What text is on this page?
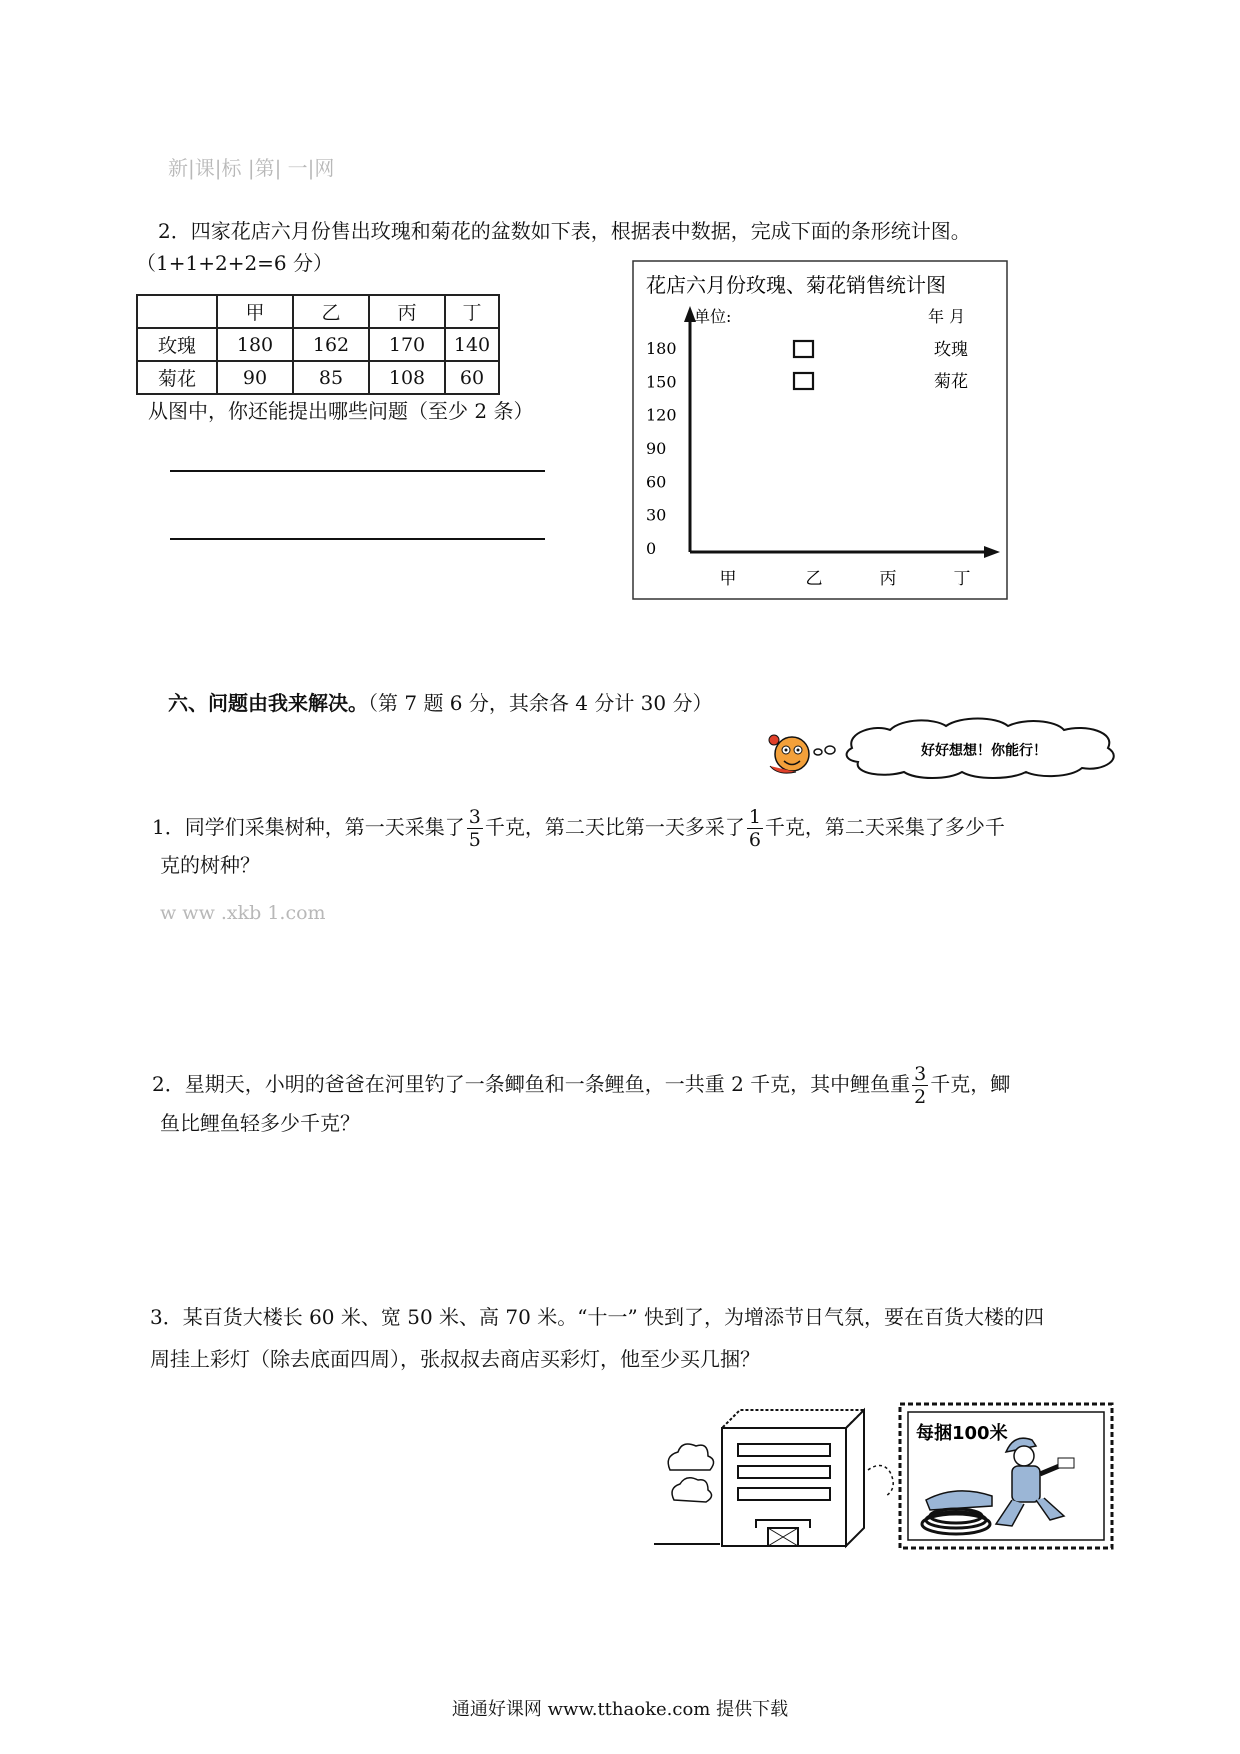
新|课|标 |第| 一|网
2．四家花店六月份售出玫瑰和菊花的盆数如下表，根据表中数据，完成下面的条形统计图。
（1+1+2+2=6 分）
	甲	乙	丙	丁
玫瑰	180	162	170	140
菊花	90	85	108	60
从图中，你还能提出哪些问题（至少 2 条）
花店六月份玫瑰、菊花销售统计图
单位:	年 月
0
30
60
90
120
150
180
甲	乙	丙	丁
玫瑰
菊花
六、问题由我来解决。（第 7 题 6 分，其余各 4 分计 30 分）
好好想想！你能行！
1．同学们采集树种，第一天采集了 $\frac{3}{5}$ 千克，第二天比第一天多采了 $\frac{1}{6}$ 千克，第二天采集了多少千
克的树种？
w ww .xkb 1.com
2．星期天，小明的爸爸在河里钓了一条鲫鱼和一条鲤鱼，一共重 2 千克，其中鲤鱼重 $\frac{3}{2}$ 千克，鲫
鱼比鲤鱼轻多少千克？
3．某百货大楼长 60 米、宽 50 米、高 70 米。“十一” 快到了，为增添节日气氛，要在百货大楼的四
周挂上彩灯（除去底面四周），张叔叔去商店买彩灯，他至少买几捆？
每捆100米
通通好课网 www.tthaoke.com 提供下载
